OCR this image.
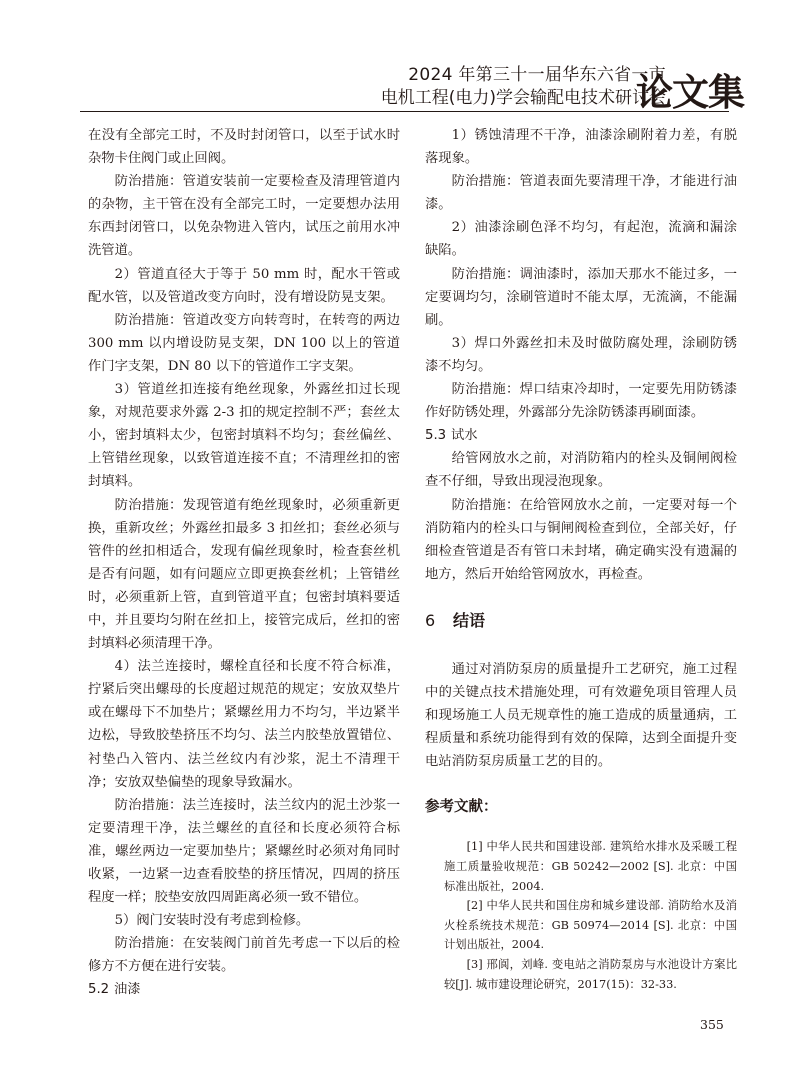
2024 年第三十一届华东六省一市
电机工程(电力)学会输配电技术研讨会
论文集

在没有全部完工时，不及时封闭管口，以至于试水时杂物卡住阀门或止回阀。

防治措施：管道安装前一定要检查及清理管道内的杂物，主干管在没有全部完工时，一定要想办法用东西封闭管口，以免杂物进入管内，试压之前用水冲洗管道。

2）管道直径大于等于 50 mm 时，配水干管或配水管，以及管道改变方向时，没有增设防晃支架。

防治措施：管道改变方向转弯时，在转弯的两边 300 mm 以内增设防晃支架，DN 100 以上的管道作门字支架，DN 80 以下的管道作工字支架。

3）管道丝扣连接有绝丝现象，外露丝扣过长现象，对规范要求外露 2-3 扣的规定控制不严；套丝太小，密封填料太少，包密封填料不均匀；套丝偏丝、上管错丝现象，以致管道连接不直；不清理丝扣的密封填料。

防治措施：发现管道有绝丝现象时，必须重新更换，重新攻丝；外露丝扣最多 3 扣丝扣；套丝必须与管件的丝扣相适合，发现有偏丝现象时，检查套丝机是否有问题，如有问题应立即更换套丝机；上管错丝时，必须重新上管，直到管道平直；包密封填料要适中，并且要均匀附在丝扣上，接管完成后，丝扣的密封填料必须清理干净。

4）法兰连接时，螺栓直径和长度不符合标准，拧紧后突出螺母的长度超过规范的规定；安放双垫片或在螺母下不加垫片；紧螺丝用力不均匀，半边紧半边松，导致胶垫挤压不均匀、法兰内胶垫放置错位、衬垫凸入管内、法兰丝纹内有沙浆，泥土不清理干净；安放双垫偏垫的现象导致漏水。

防治措施：法兰连接时，法兰纹内的泥土沙浆一定要清理干净，法兰螺丝的直径和长度必须符合标准，螺丝两边一定要加垫片；紧螺丝时必须对角同时收紧，一边紧一边查看胶垫的挤压情况，四周的挤压程度一样；胶垫安放四周距离必须一致不错位。

5）阀门安装时没有考虑到检修。

防治措施：在安装阀门前首先考虑一下以后的检修方不方便在进行安装。

5.2 油漆

1）锈蚀清理不干净，油漆涂刷附着力差，有脱落现象。

防治措施：管道表面先要清理干净，才能进行油漆。

2）油漆涂刷色泽不均匀，有起泡，流滴和漏涂缺陷。

防治措施：调油漆时，添加天那水不能过多，一定要调均匀，涂刷管道时不能太厚，无流滴，不能漏刷。

3）焊口外露丝扣未及时做防腐处理，涂刷防锈漆不均匀。

防治措施：焊口结束冷却时，一定要先用防锈漆作好防锈处理，外露部分先涂防锈漆再刷面漆。

5.3 试水

给管网放水之前，对消防箱内的栓头及铜闸阀检查不仔细，导致出现浸泡现象。

防治措施：在给管网放水之前，一定要对每一个消防箱内的栓头口与铜闸阀检查到位，全部关好，仔细检查管道是否有管口未封堵，确定确实没有遗漏的地方，然后开始给管网放水，再检查。

6 结语

通过对消防泵房的质量提升工艺研究，施工过程中的关键点技术措施处理，可有效避免项目管理人员和现场施工人员无规章性的施工造成的质量通病，工程质量和系统功能得到有效的保障，达到全面提升变电站消防泵房质量工艺的目的。

参考文献：

[1] 中华人民共和国建设部. 建筑给水排水及采暖工程施工质量验收规范：GB 50242—2002 [S]. 北京：中国标准出版社，2004.

[2] 中华人民共和国住房和城乡建设部. 消防给水及消火栓系统技术规范：GB 50974—2014 [S]. 北京：中国计划出版社，2004.

[3] 邢阆，刘峰. 变电站之消防泵房与水池设计方案比较[J]. 城市建设理论研究，2017(15)：32-33.

355
